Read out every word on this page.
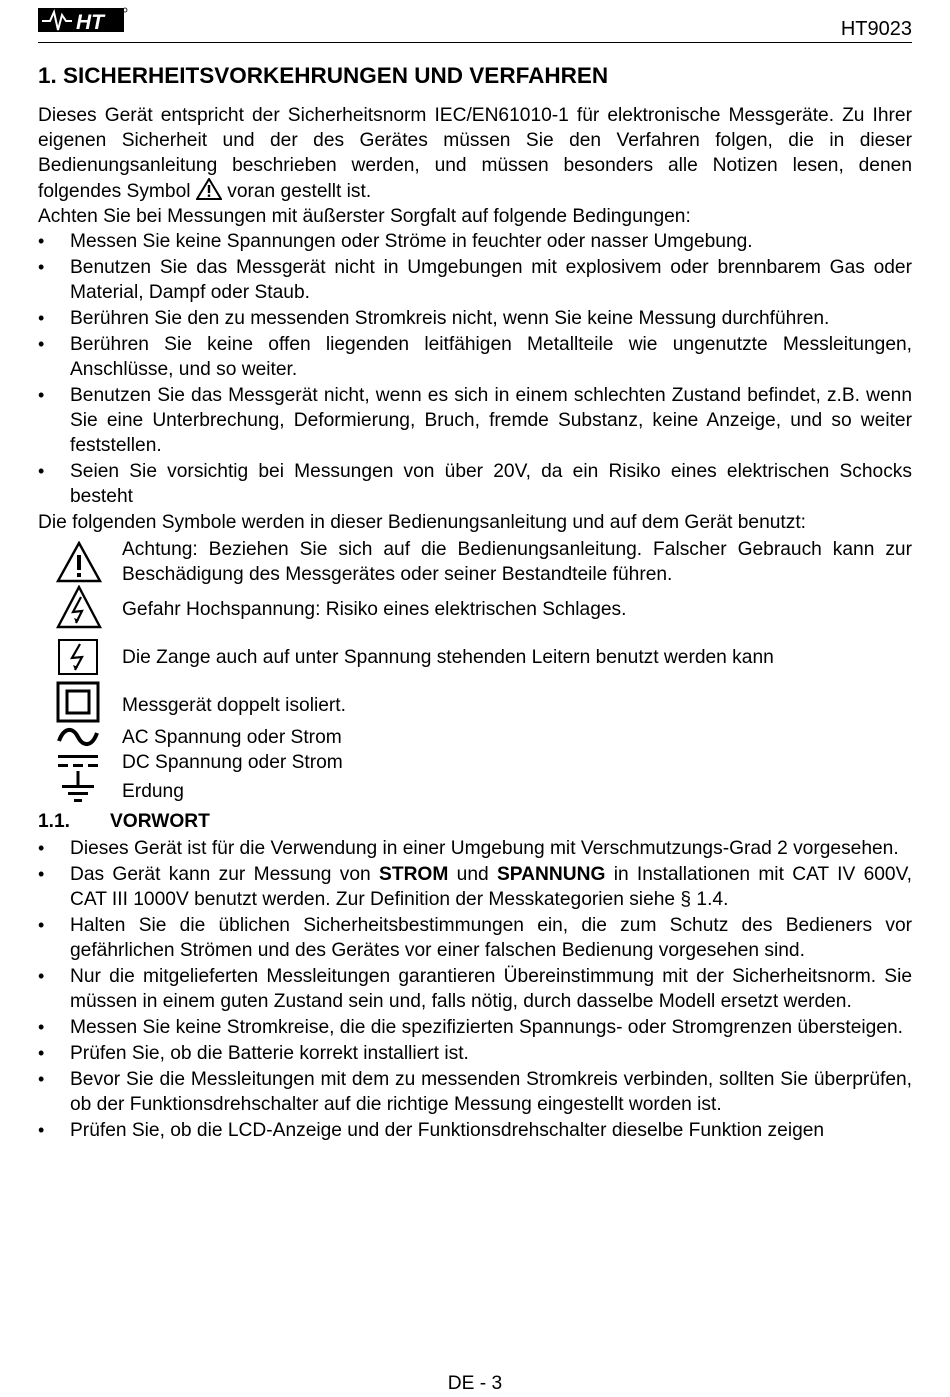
HT	HT9023
1. SICHERHEITSVORKEHRUNGEN UND VERFAHREN

Dieses Gerät entspricht der Sicherheitsnorm IEC/EN61010-1 für elektronische Messgeräte. Zu Ihrer eigenen Sicherheit und der des Gerätes müssen Sie den Verfahren folgen, die in dieser Bedienungsanleitung beschrieben werden, und müssen besonders alle Notizen lesen, denen folgendes Symbol voran gestellt ist.

Achten Sie bei Messungen mit äußerster Sorgfalt auf folgende Bedingungen:

• Messen Sie keine Spannungen oder Ströme in feuchter oder nasser Umgebung.
• Benutzen Sie das Messgerät nicht in Umgebungen mit explosivem oder brennbarem Gas oder Material, Dampf oder Staub.
• Berühren Sie den zu messenden Stromkreis nicht, wenn Sie keine Messung durchführen.
• Berühren Sie keine offen liegenden leitfähigen Metallteile wie ungenutzte Messleitungen, Anschlüsse, und so weiter.
• Benutzen Sie das Messgerät nicht, wenn es sich in einem schlechten Zustand befindet, z.B. wenn Sie eine Unterbrechung, Deformierung, Bruch, fremde Substanz, keine Anzeige, und so weiter feststellen.
• Seien Sie vorsichtig bei Messungen von über 20V, da ein Risiko eines elektrischen Schocks besteht

Die folgenden Symbole werden in dieser Bedienungsanleitung und auf dem Gerät benutzt:

Achtung: Beziehen Sie sich auf die Bedienungsanleitung. Falscher Gebrauch kann zur Beschädigung des Messgerätes oder seiner Bestandteile führen.
Gefahr Hochspannung: Risiko eines elektrischen Schlages.
Die Zange auch auf unter Spannung stehenden Leitern benutzt werden kann
Messgerät doppelt isoliert.
AC Spannung oder Strom
DC Spannung oder Strom
Erdung
1.1. VORWORT
• Dieses Gerät ist für die Verwendung in einer Umgebung mit Verschmutzungs-Grad 2 vorgesehen.
• Das Gerät kann zur Messung von STROM und SPANNUNG in Installationen mit CAT IV 600V, CAT III 1000V benutzt werden. Zur Definition der Messkategorien siehe § 1.4.
• Halten Sie die üblichen Sicherheitsbestimmungen ein, die zum Schutz des Bedieners vor gefährlichen Strömen und des Gerätes vor einer falschen Bedienung vorgesehen sind.
• Nur die mitgelieferten Messleitungen garantieren Übereinstimmung mit der Sicherheitsnorm. Sie müssen in einem guten Zustand sein und, falls nötig, durch dasselbe Modell ersetzt werden.
• Messen Sie keine Stromkreise, die die spezifizierten Spannungs- oder Stromgrenzen übersteigen.
• Prüfen Sie, ob die Batterie korrekt installiert ist.
• Bevor Sie die Messleitungen mit dem zu messenden Stromkreis verbinden, sollten Sie überprüfen, ob der Funktionsdrehschalter auf die richtige Messung eingestellt worden ist.
• Prüfen Sie, ob die LCD-Anzeige und der Funktionsdrehschalter dieselbe Funktion zeigen
DE - 3
